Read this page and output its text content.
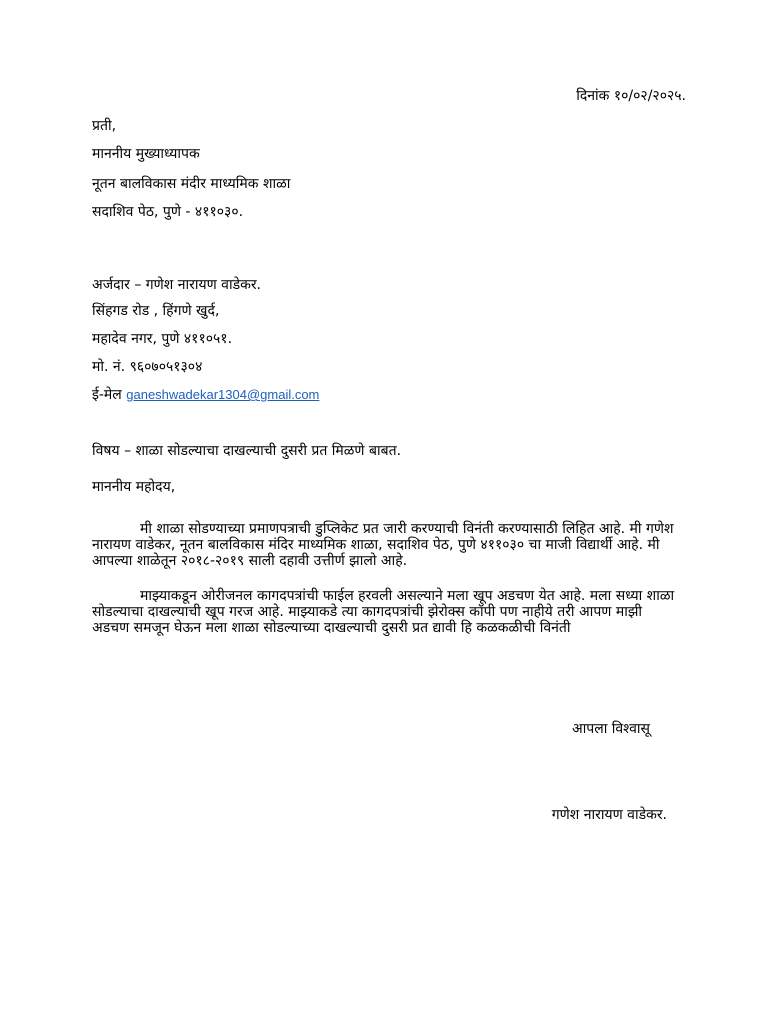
दिनांक १०/०२/२०२५.
प्रती,
माननीय मुख्याध्यापक
नूतन बालविकास मंदीर माध्यमिक शाळा
सदाशिव पेठ, पुणे - ४११०३०.
अर्जदार – गणेश नारायण वाडेकर.
सिंहगड रोड , हिंगणे खुर्द,
महादेव नगर, पुणे ४११०५१.
मो. नं. ९६०७०५१३०४
ई-मेल ganeshwadekar1304@gmail.com
विषय – शाळा सोडल्याचा दाखल्याची दुसरी प्रत मिळणे बाबत.
माननीय महोदय,

मी शाळा सोडण्याच्या प्रमाणपत्राची डुप्लिकेट प्रत जारी करण्याची विनंती करण्यासाठी लिहित आहे. मी गणेश नारायण वाडेकर, नूतन बालविकास मंदिर माध्यमिक शाळा, सदाशिव पेठ, पुणे ४११०३० चा माजी विद्यार्थी आहे. मी आपल्या शाळेतून २०१८-२०१९ साली दहावी उत्तीर्ण झालो आहे.

माझ्याकडून ओरीजनल कागदपत्रांची फाईल हरवली असल्याने मला खूप अडचण येत आहे. मला सध्या शाळा सोडल्याचा दाखल्याची खूप गरज आहे. माझ्याकडे त्या कागदपत्रांची झेरोक्स कॉपी पण नाहीये तरी आपण माझी अडचण समजून घेऊन मला शाळा सोडल्याच्या दाखल्याची दुसरी प्रत द्यावी हि कळकळीची विनंती

आपला विश्वासू
गणेश नारायण वाडेकर.
